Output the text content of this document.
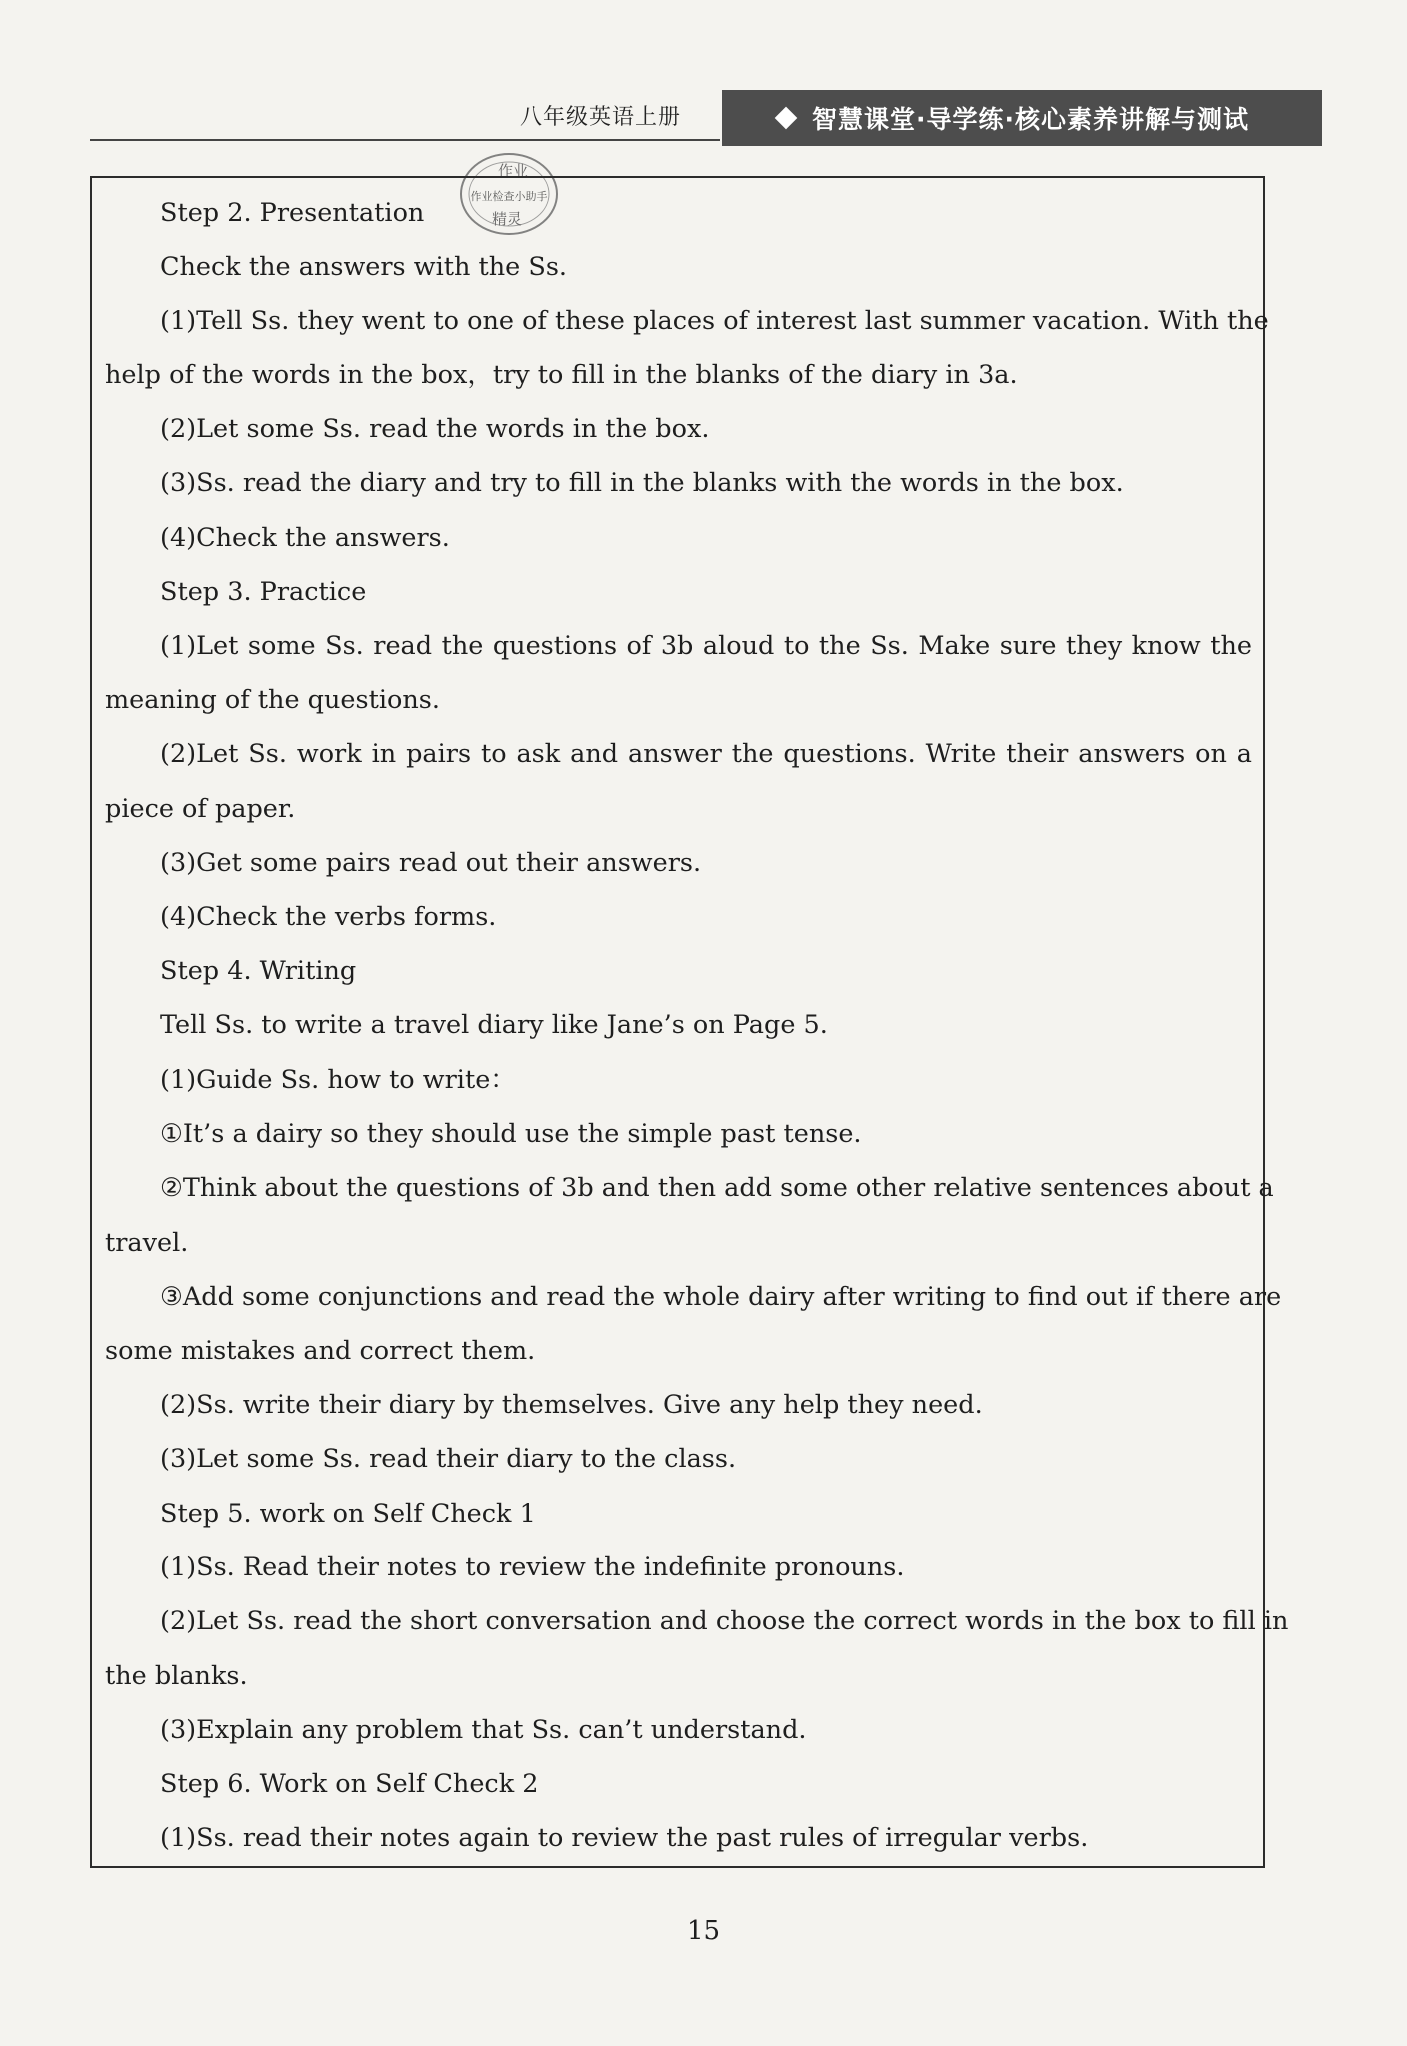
八年级英语上册	智慧课堂·导学练·核心素养讲解与测试
作业
作业检查小助手
精灵
Step 2. Presentation
Check the answers with the Ss.
(1)Tell Ss. they went to one of these places of interest last summer vacation. With the
help of the words in the box，try to fill in the blanks of the diary in 3a.
(2)Let some Ss. read the words in the box.
(3)Ss. read the diary and try to fill in the blanks with the words in the box.
(4)Check the answers.
Step 3. Practice
(1)Let some Ss. read the questions of 3b aloud to the Ss. Make sure they know the
meaning of the questions.
(2)Let Ss. work in pairs to ask and answer the questions. Write their answers on a
piece of paper.
(3)Get some pairs read out their answers.
(4)Check the verbs forms.
Step 4. Writing
Tell Ss. to write a travel diary like Jane’s on Page 5.
(1)Guide Ss. how to write：
①It’s a dairy so they should use the simple past tense.
②Think about the questions of 3b and then add some other relative sentences about a
travel.
③Add some conjunctions and read the whole dairy after writing to find out if there are
some mistakes and correct them.
(2)Ss. write their diary by themselves. Give any help they need.
(3)Let some Ss. read their diary to the class.
Step 5. work on Self Check 1
(1)Ss. Read their notes to review the indefinite pronouns.
(2)Let Ss. read the short conversation and choose the correct words in the box to fill in
the blanks.
(3)Explain any problem that Ss. can’t understand.
Step 6. Work on Self Check 2
(1)Ss. read their notes again to review the past rules of irregular verbs.
15
